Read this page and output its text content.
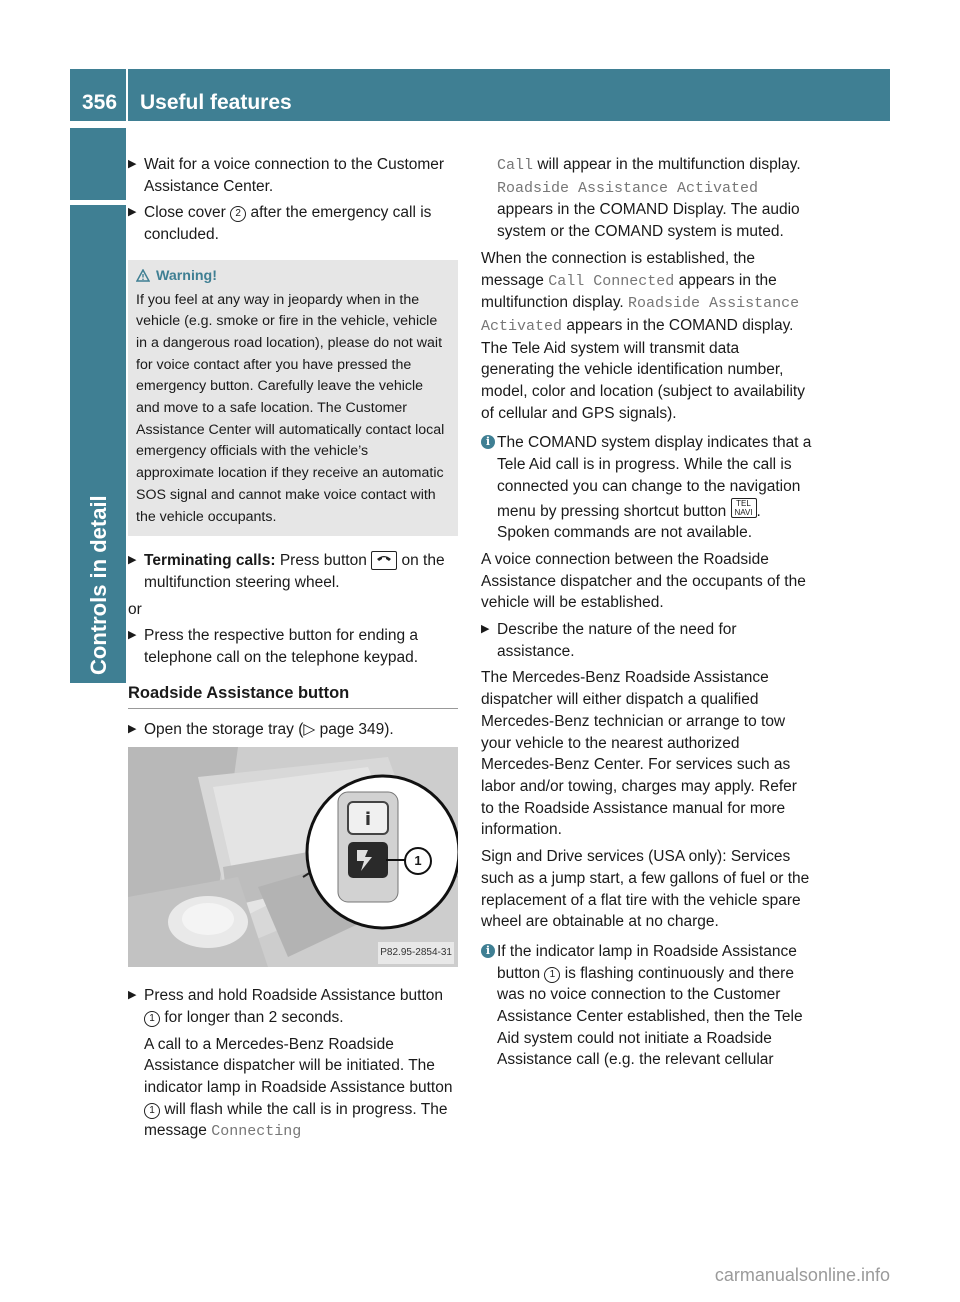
356 Useful features
Controls in detail
▶ Wait for a voice connection to the Customer Assistance Center.
▶ Close cover 2 after the emergency call is concluded.
Warning!
If you feel at any way in jeopardy when in the vehicle (e.g. smoke or fire in the vehicle, vehicle in a dangerous road location), please do not wait for voice contact after you have pressed the emergency button. Carefully leave the vehicle and move to a safe location. The Customer Assistance Center will automatically contact local emergency officials with the vehicle’s approximate location if they receive an automatic SOS signal and cannot make voice contact with the vehicle occupants.
▶ Terminating calls: Press button on the multifunction steering wheel.

or

▶ Press the respective button for ending a telephone call on the telephone keypad.
Roadside Assistance button
▶ Open the storage tray (▷ page 349).
i
1
P82.95-2854-31
▶ Press and hold Roadside Assistance button 1 for longer than 2 seconds.
A call to a Mercedes-Benz Roadside Assistance dispatcher will be initiated. The indicator lamp in Roadside Assistance button 1 will flash while the call is in progress. The message Connecting
Call will appear in the multifunction display. Roadside Assistance Activated appears in the COMAND Display. The audio system or the COMAND system is muted.

When the connection is established, the message Call Connected appears in the multifunction display. Roadside Assistance Activated appears in the COMAND display. The Tele Aid system will transmit data generating the vehicle identification number, model, color and location (subject to availability of cellular and GPS signals).

i The COMAND system display indicates that a Tele Aid call is in progress. While the call is connected you can change to the navigation menu by pressing shortcut button TEL NAVI . Spoken commands are not available.

A voice connection between the Roadside Assistance dispatcher and the occupants of the vehicle will be established.

▶ Describe the nature of the need for assistance.

The Mercedes-Benz Roadside Assistance dispatcher will either dispatch a qualified Mercedes-Benz technician or arrange to tow your vehicle to the nearest authorized Mercedes-Benz Center. For services such as labor and/or towing, charges may apply. Refer to the Roadside Assistance manual for more information.

Sign and Drive services (USA only): Services such as a jump start, a few gallons of fuel or the replacement of a flat tire with the vehicle spare wheel are obtainable at no charge.

i If the indicator lamp in Roadside Assistance button 1 is flashing continuously and there was no voice connection to the Customer Assistance Center established, then the Tele Aid system could not initiate a Roadside Assistance call (e.g. the relevant cellular
carmanualsonline.info
